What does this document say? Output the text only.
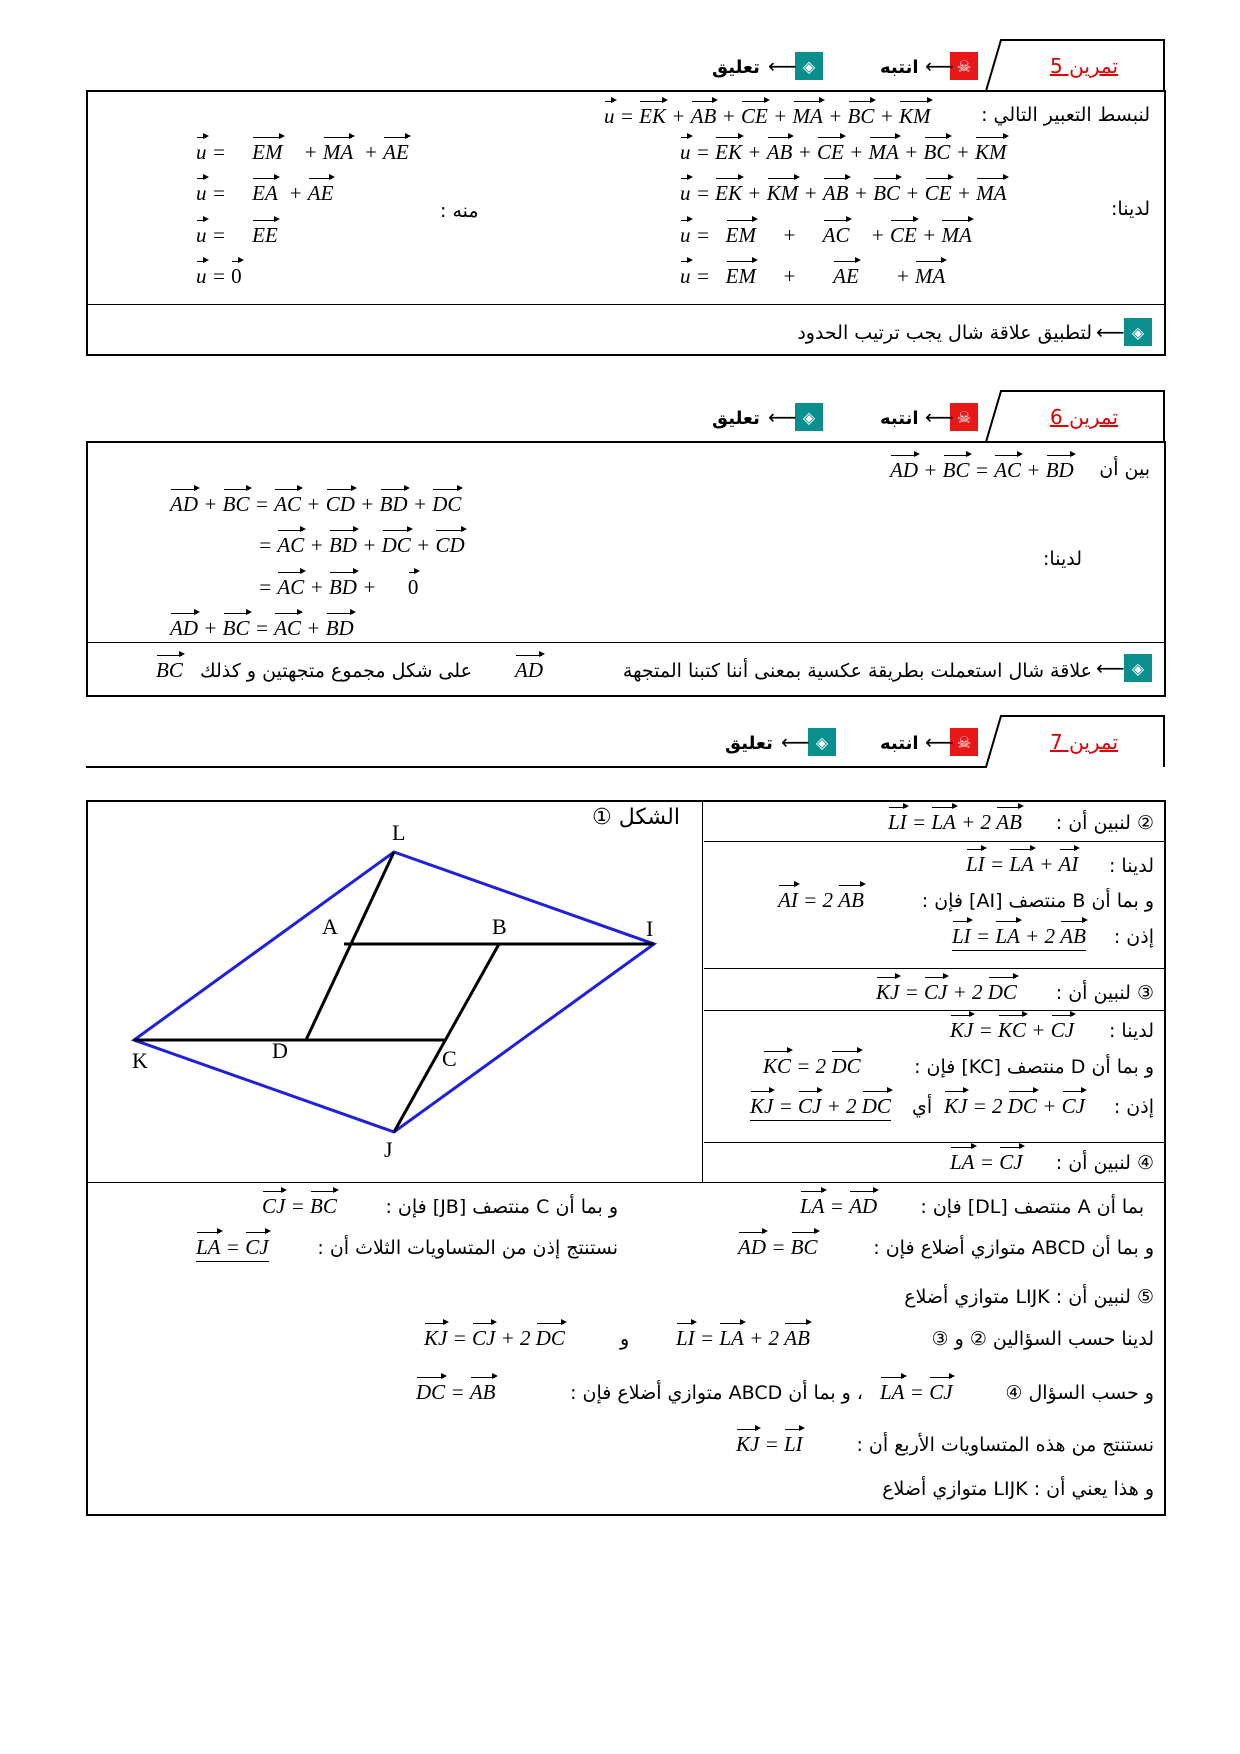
تمرين 5
☠
⟵
انتبه
◈
⟵
تعليق
لنبسط التعبير التالي :
u = EK + AB + CE + MA + BC + KM
لدينا:
منه :
u = EK + AB + CE + MA + BC + KM
u = EK + KM + AB + BC + CE + MA
u =   EM     +     AC    + CE + MA
u =   EM     +       AE       + MA
u =     EM    + MA  + AE
u =     EA  + AE
u =     EE
u = 0
◈
⟵
لتطبيق علاقة شال يجب ترتيب الحدود
تمرين 6
☠
⟵
انتبه
◈
⟵
تعليق
بين أن
AD + BC = AC + BD
لدينا:
AD + BC = AC + CD + BD + DC
= AC + BD + DC + CD
= AC + BD +      0
AD + BC = AC + BD
◈
⟵
علاقة شال استعملت بطريقة عكسية بمعنى أننا كتبنا المتجهة
AD
على شكل مجموع متجهتين و كذلك
BC
تمرين 7
☠
⟵
انتبه
◈
⟵
تعليق
الشكل ①
L
A	B	I
K	D	C
J
② لنبين أن :
LI = LA + 2 AB
لدينا :
LI = LA + AI
و بما أن B منتصف [AI] فإن :
AI = 2 AB
إذن :
LI = LA + 2 AB
③ لنبين أن :
KJ = CJ + 2 DC
لدينا :
KJ = KC + CJ
و بما أن D منتصف [KC] فإن :
KC = 2 DC
إذن :
KJ = 2 DC + CJ
أي
KJ = CJ + 2 DC
④ لنبين أن :
LA = CJ
بما أن A منتصف [DL] فإن :
LA = AD
و بما أن ABCD متوازي أضلاع فإن :
AD = BC
و بما أن C منتصف [JB] فإن :
CJ = BC
نستنتج إذن من المتساويات الثلاث أن :
LA = CJ
⑤ لنبين أن : LIJK متوازي أضلاع
لدينا حسب السؤالين ② و ③
LI = LA + 2 AB
و
KJ = CJ + 2 DC
و حسب السؤال ④
LA = CJ
، و بما أن ABCD متوازي أضلاع فإن :
DC = AB
نستنتج من هذه المتساويات الأربع أن :
KJ = LI
و هذا يعني أن : LIJK متوازي أضلاع
